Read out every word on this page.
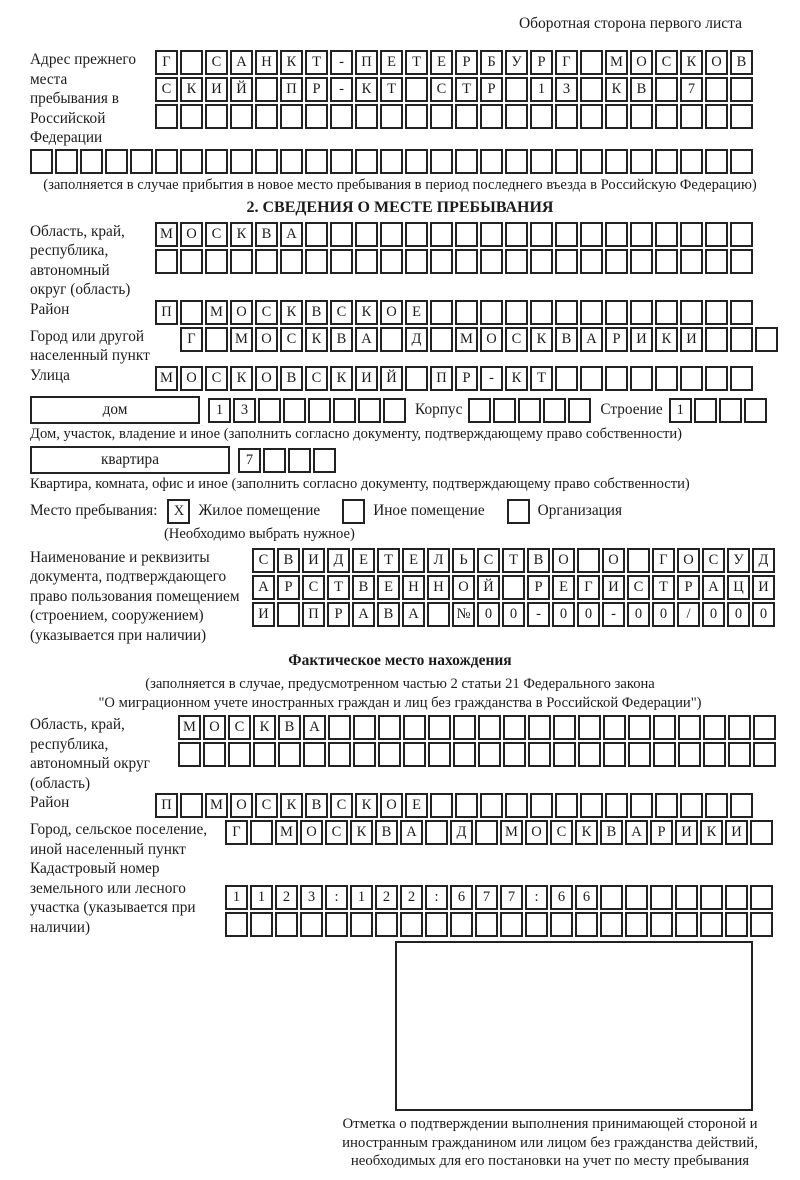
Оборотная сторона первого листа
Адрес прежнего места пребывания в Российской Федерации
Г	С	А	Н	К	Т	-	П	Е	Т	Е	Р	Б	У	Р	Г	М О	С	К	О	В
С	К	И	Й	П	Р	-	К	Т	С	Т	Р	1	3	К	В	7
(заполняется в случае прибытия в новое место пребывания в период последнего въезда в Российскую Федерацию)
2. СВЕДЕНИЯ О МЕСТЕ ПРЕБЫВАНИЯ
Область, край, республика, автономный округ (область)
М О	С	К	В	А
Район	П	М О	С	К	В	С	К	О	Е
Город или другой населенный пункт
Г	М О	С	К	В	А	Д	М О	С	К	В	А	Р	И	К	И
Улица	М О	С	К	О	В	С	К	И	Й	П	Р	-	К	Т
дом	1	3	Корпус	Строение 1
Дом, участок, владение и иное (заполнить согласно документу, подтверждающему право собственности)
квартира	7
Квартира, комната, офис и иное (заполнить согласно документу, подтверждающему право собственности)
Место пребывания:	X Жилое помещение	Иное помещение	Организация
(Необходимо выбрать нужное)
Наименование и реквизиты документа, подтверждающего право пользования помещением (строением, сооружением) (указывается при наличии)
С	В	И	Д	Е	Т	Е	Л	Ь	С	Т	В	О	О	Г	О	С	У	Д
А	Р	С	Т	В	Е	Н	Н	О	Й	Р	Е	Г	И	С	Т	Р	А	Ц	И
И	П	Р	А	В	А	№ 0	0	-	0	0	-	0	0	/	0	0	0
Фактическое место нахождения
(заполняется в случае, предусмотренном частью 2 статьи 21 Федерального закона
"О миграционном учете иностранных граждан и лиц без гражданства в Российской Федерации")
Область, край, республика, автономный округ (область)
М О	С	К	В	А
Район	П	М О	С	К	В	С	К	О	Е
Город, сельское поселение, иной населенный пункт
Г	М О	С	К	В	А	Д	М О	С	К	В	А	Р	И	К	И
Кадастровый номер земельного или лесного участка (указывается при наличии)
1	1	2	3	:	1	2	2	:	6	7	7	:	6	6
Отметка о подтверждении выполнения принимающей стороной и иностранным гражданином или лицом без гражданства действий, необходимых для его постановки на учет по месту пребывания
